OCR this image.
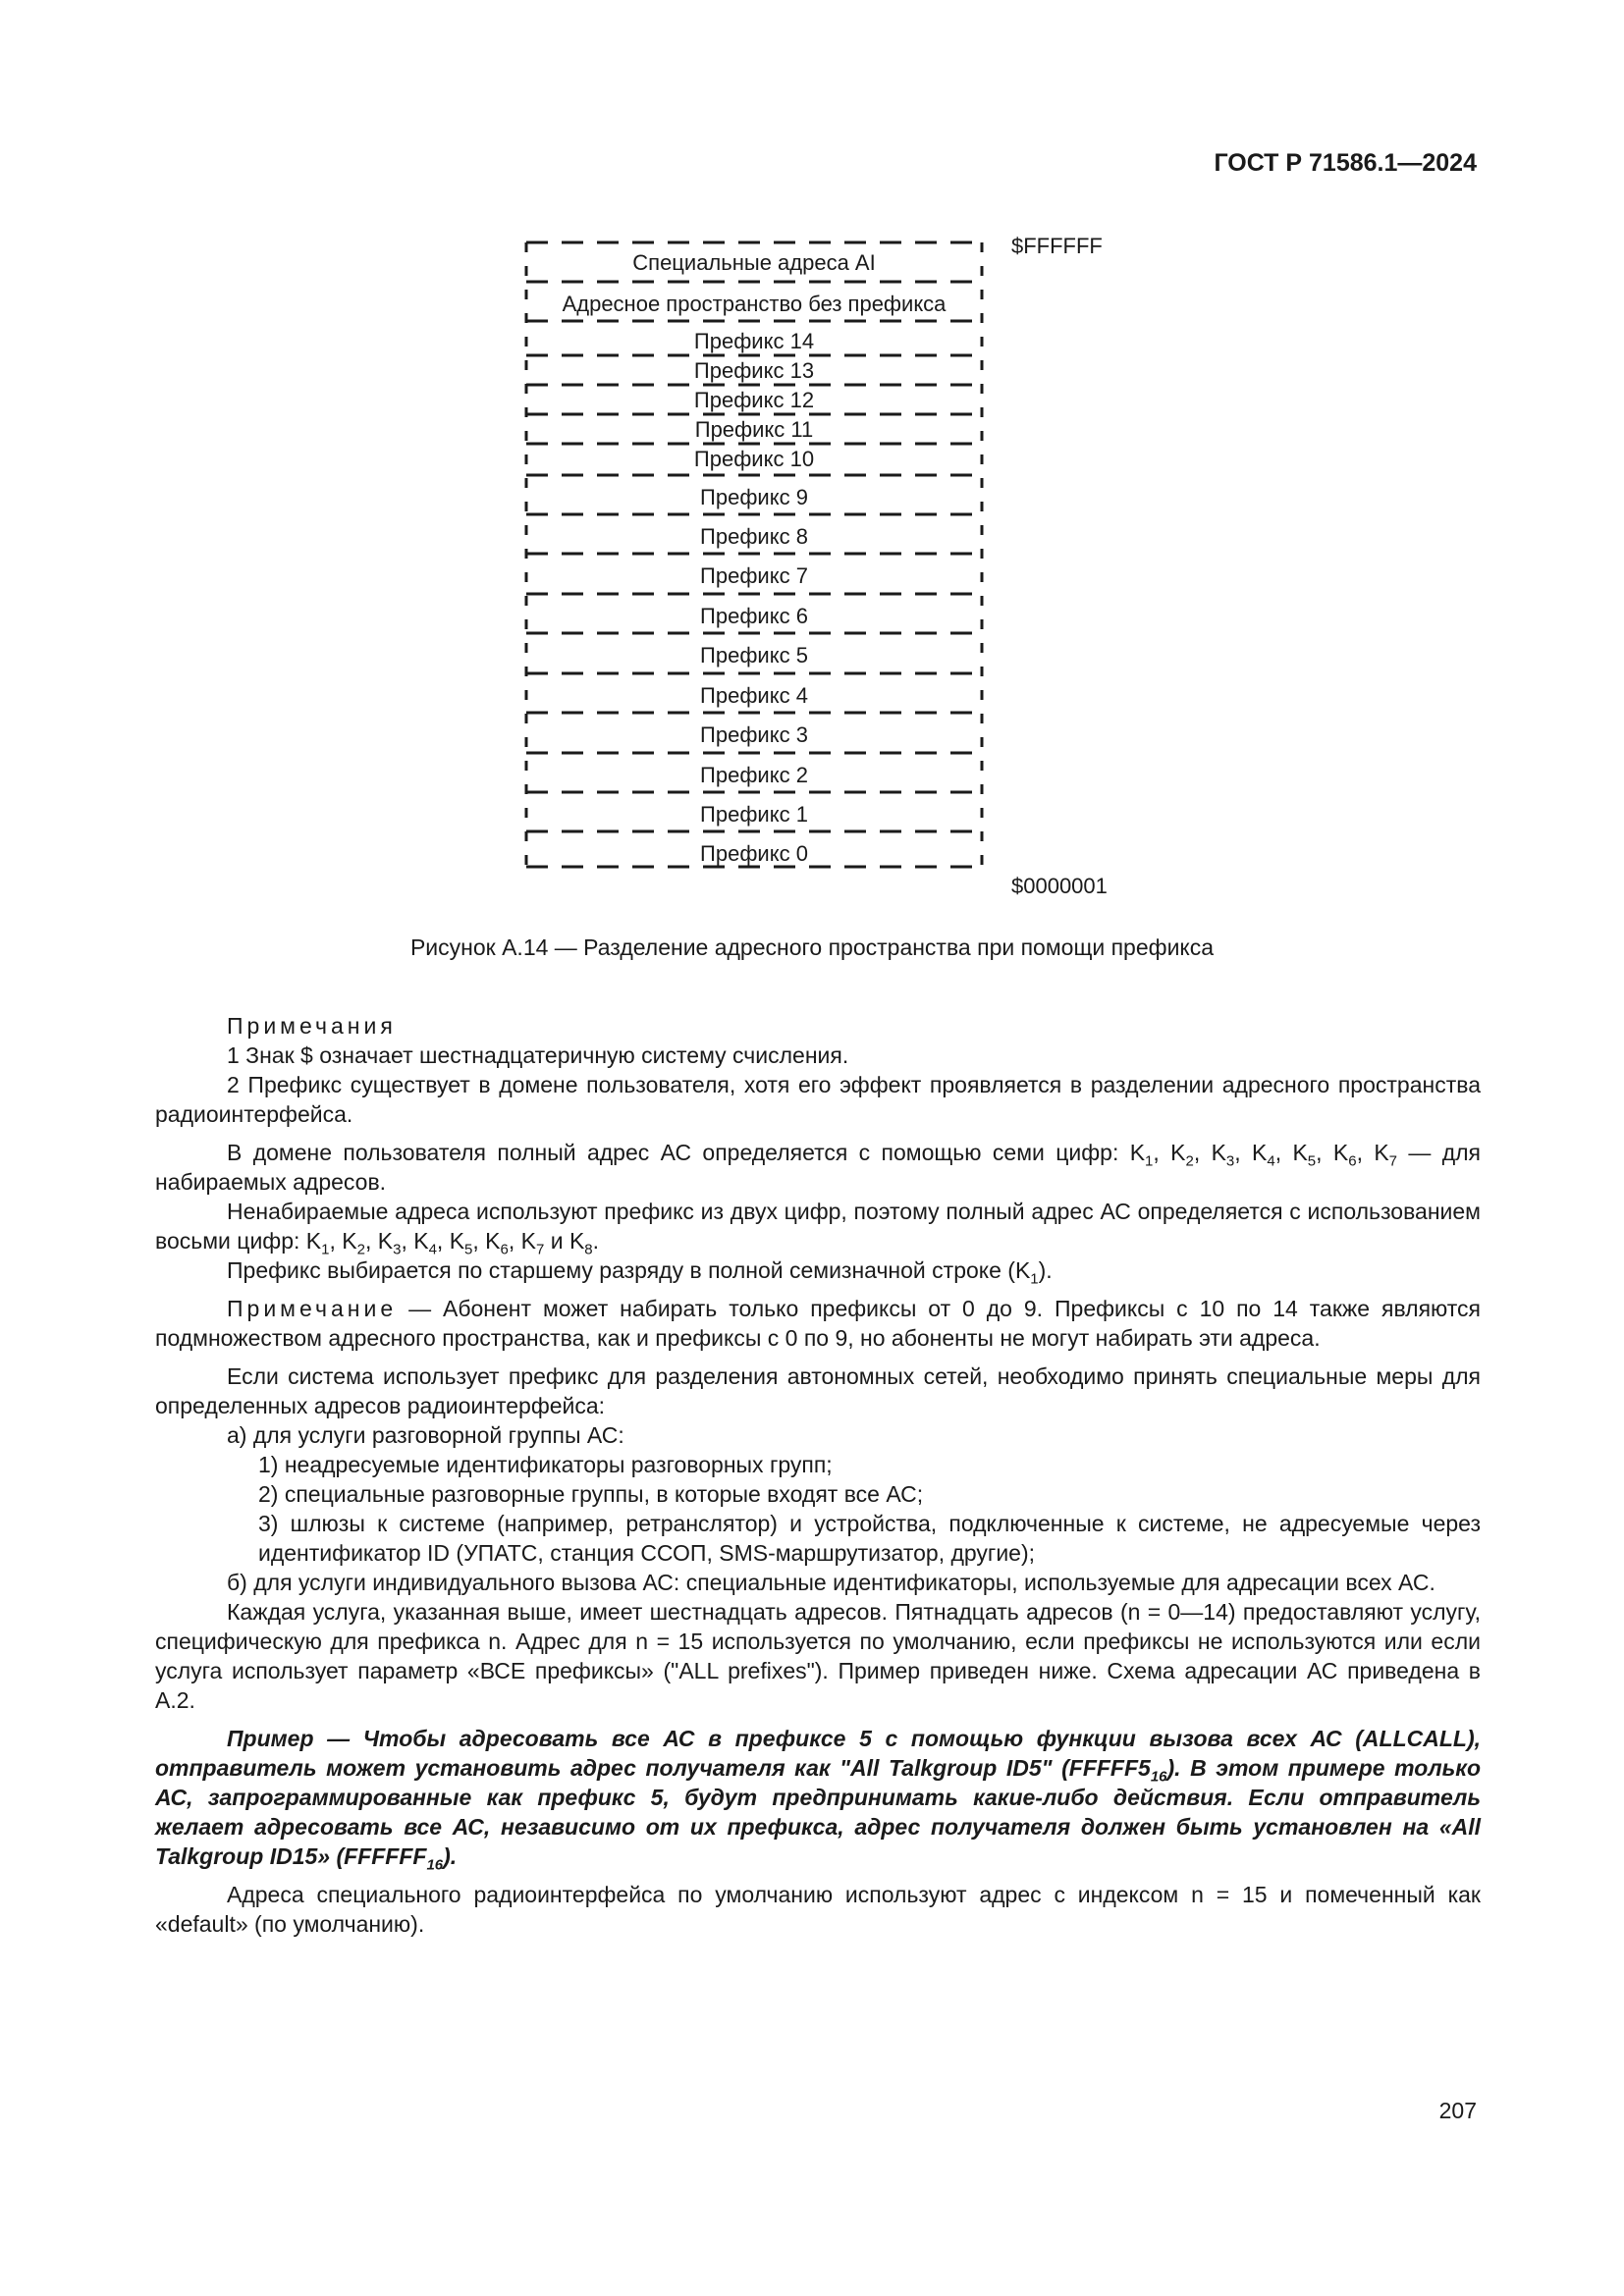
ГОСТ Р 71586.1—2024
Специальные адреса AI
Адресное пространство без префикса
Префикс 14
Префикс 13
Префикс 12
Префикс 11
Префикс 10
Префикс 9
Префикс 8
Префикс 7
Префикс 6
Префикс 5
Префикс 4
Префикс 3
Префикс 2
Префикс 1
Префикс 0
$FFFFFF
$0000001
Рисунок А.14 — Разделение адресного пространства при помощи префикса

Примечания

1 Знак $ означает шестнадцатеричную систему счисления.

2 Префикс существует в домене пользователя, хотя его эффект проявляется в разделении адресного пространства радиоинтерфейса.

В домене пользователя полный адрес АС определяется с помощью семи цифр: $K_1$, $K_2$, $K_3$, $K_4$, $K_5$, $K_6$, $K_7$ — для набираемых адресов.

Ненабираемые адреса используют префикс из двух цифр, поэтому полный адрес АС определяется с использованием восьми цифр: $K_1$, $K_2$, $K_3$, $K_4$, $K_5$, $K_6$, $K_7$ и $K_8$.

Префикс выбирается по старшему разряду в полной семизначной строке $(K_1)$.

Примечание — Абонент может набирать только префиксы от 0 до 9. Префиксы с 10 по 14 также являются подмножеством адресного пространства, как и префиксы с 0 по 9, но абоненты не могут набирать эти адреса.

Если система использует префикс для разделения автономных сетей, необходимо принять специальные меры для определенных адресов радиоинтерфейса:

а) для услуги разговорной группы АС:

1) неадресуемые идентификаторы разговорных групп;

2) специальные разговорные группы, в которые входят все АС;

3) шлюзы к системе (например, ретранслятор) и устройства, подключенные к системе, не адресуемые через идентификатор ID (УПАТС, станция ССОП, SMS-маршрутизатор, другие);

б) для услуги индивидуального вызова АС: специальные идентификаторы, используемые для адресации всех АС.

Каждая услуга, указанная выше, имеет шестнадцать адресов. Пятнадцать адресов (n = 0—14) предоставляют услугу, специфическую для префикса n. Адрес для n = 15 используется по умолчанию, если префиксы не используются или если услуга использует параметр «ВСЕ префиксы» ("ALL prefixes"). Пример приведен ниже. Схема адресации АС приведена в А.2.

Пример — Чтобы адресовать все АС в префиксе 5 с помощью функции вызова всех АС (ALLCALL), отправитель может установить адрес получателя как "All Talkgroup ID5" $(FFFFF5_{16})$. В этом примере только АС, запрограммированные как префикс 5, будут предпринимать какие-либо действия. Если отправитель желает адресовать все АС, независимо от их префикса, адрес получателя должен быть установлен на «All Talkgroup ID15» $(FFFFFF_{16})$.

Адреса специального радиоинтерфейса по умолчанию используют адрес с индексом n = 15 и помеченный как «default» (по умолчанию).

207
